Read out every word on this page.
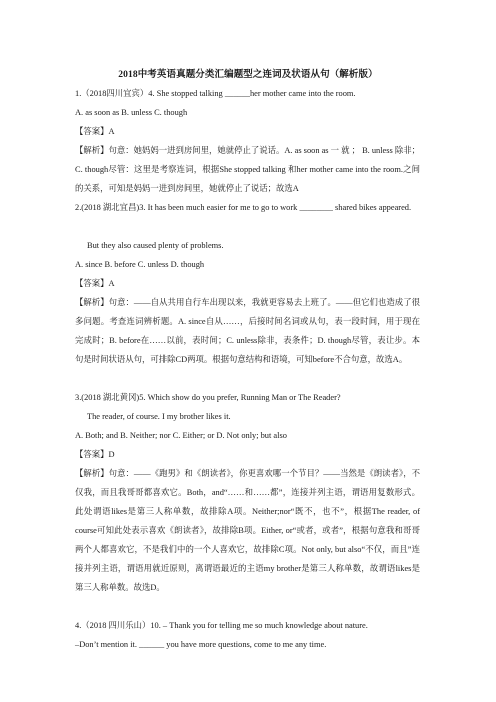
2018中考英语真题分类汇编题型之连词及状语从句（解析版）
1.（2018四川宜宾）4. She stopped talking ______her mother came into the room.
A. as soon as B. unless C. though
【答案】A
【解析】句意：她妈妈一进到房间里，她就停止了说话。A. as soon as 一 就 ； B. unless 除非； C. though尽管：这里是考察连词，根据She stopped talking 和her mother came into the room.之间的关系，可知是妈妈一进到房间里，她就停止了说话；故选A
2.(2018 湖北宜昌)3. It has been much easier for me to go to work ________ shared bikes appeared.
But they also caused plenty of problems.
A. since B. before C. unless D. though
【答案】A
【解析】句意：——自从共用自行车出现以来，我就更容易去上班了。——但它们也造成了很多问题。考查连词辨析题。A. since自从……，后接时间名词或从句，表一段时间，用于现在完成时；B. before在……以前，表时间；C. unless除非，表条件；D. though尽管，表让步。本句是时间状语从句，可排除CD两项。根据句意结构和语境，可知before不合句意，故选A。
3.(2018 湖北黄冈)5. Which show do you prefer, Running Man or The Reader?
The reader, of course. I my brother likes it.
A. Both; and B. Neither; nor C. Either; or D. Not only; but also
【答案】D
【解析】句意：——《跑男》和《朗读者》，你更喜欢哪一个节目？——当然是《朗读者》，不仅我，而且我哥哥都喜欢它。Both，and“……和……都”，连接并列主语，谓语用复数形式。此处谓语likes是第三人称单数，故排除A项。Neither;nor“既不，也不”，根据The reader, of course可知此处表示喜欢《朗读者》，故排除B项。Either, or“或者，或者”，根据句意我和哥哥两个人都喜欢它，不是我们中的一个人喜欢它，故排除C项。Not only, but also“不仅，而且”连接并列主语，谓语用就近原则，离谓语最近的主语my brother是第三人称单数，故谓语likes是第三人称单数。故选D。
4.（2018 四川乐山）10. – Thank you for telling me so much knowledge about nature.
–Don’t mention it. ______ you have more questions, come to me any time.
